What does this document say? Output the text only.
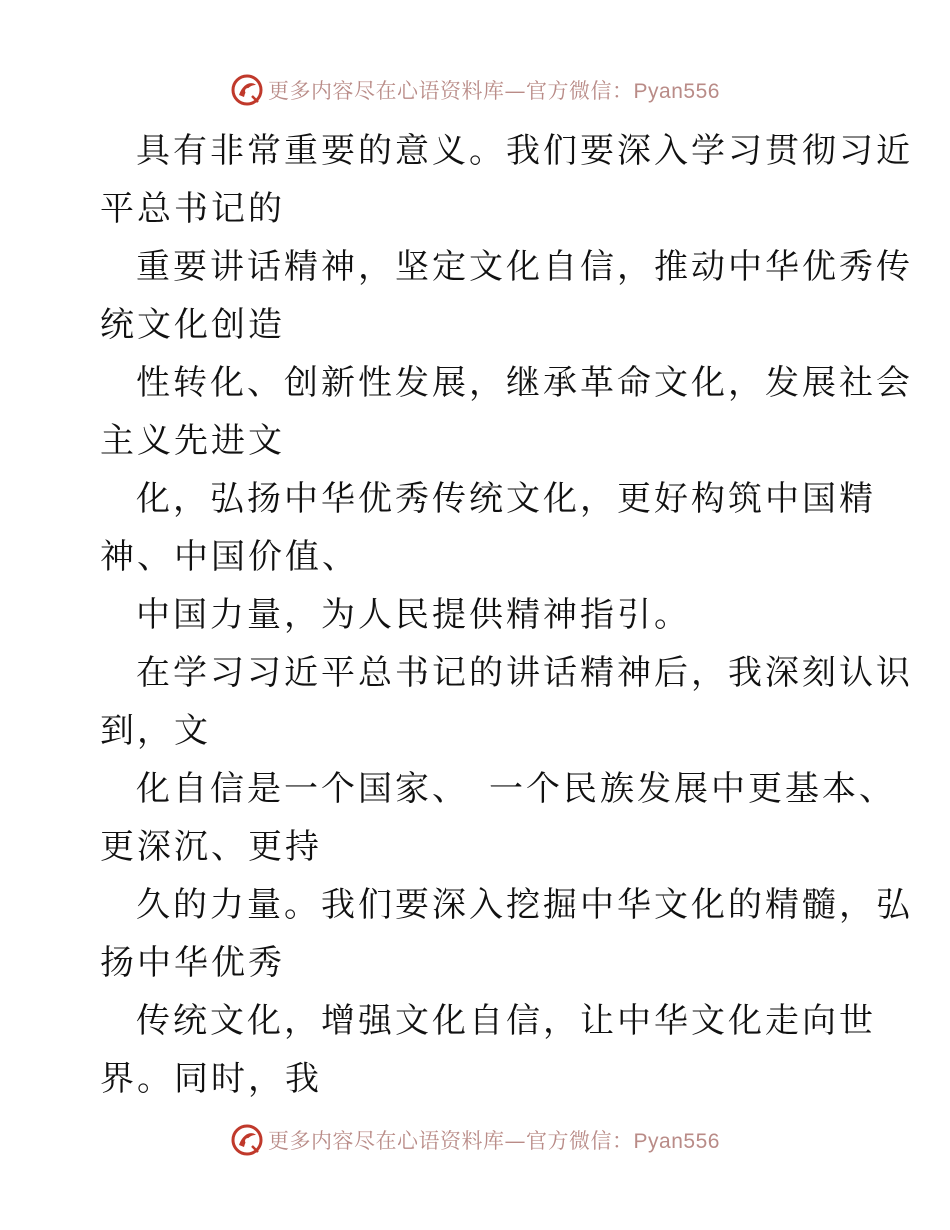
更多内容尽在心语资料库—官方微信：Pyan556
具有非常重要的意义。我们要深入学习贯彻习近
平总书记的
重要讲话精神，坚定文化自信，推动中华优秀传
统文化创造
性转化、创新性发展，继承革命文化，发展社会
主义先进文
化，弘扬中华优秀传统文化，更好构筑中国精
神、中国价值、
中国力量，为人民提供精神指引。
在学习习近平总书记的讲话精神后，我深刻认识
到，文
化自信是一个国家、　一个民族发展中更基本、
更深沉、更持
久的力量。我们要深入挖掘中华文化的精髓，弘
扬中华优秀
传统文化，增强文化自信，让中华文化走向世
界。同时，我
更多内容尽在心语资料库—官方微信：Pyan556
